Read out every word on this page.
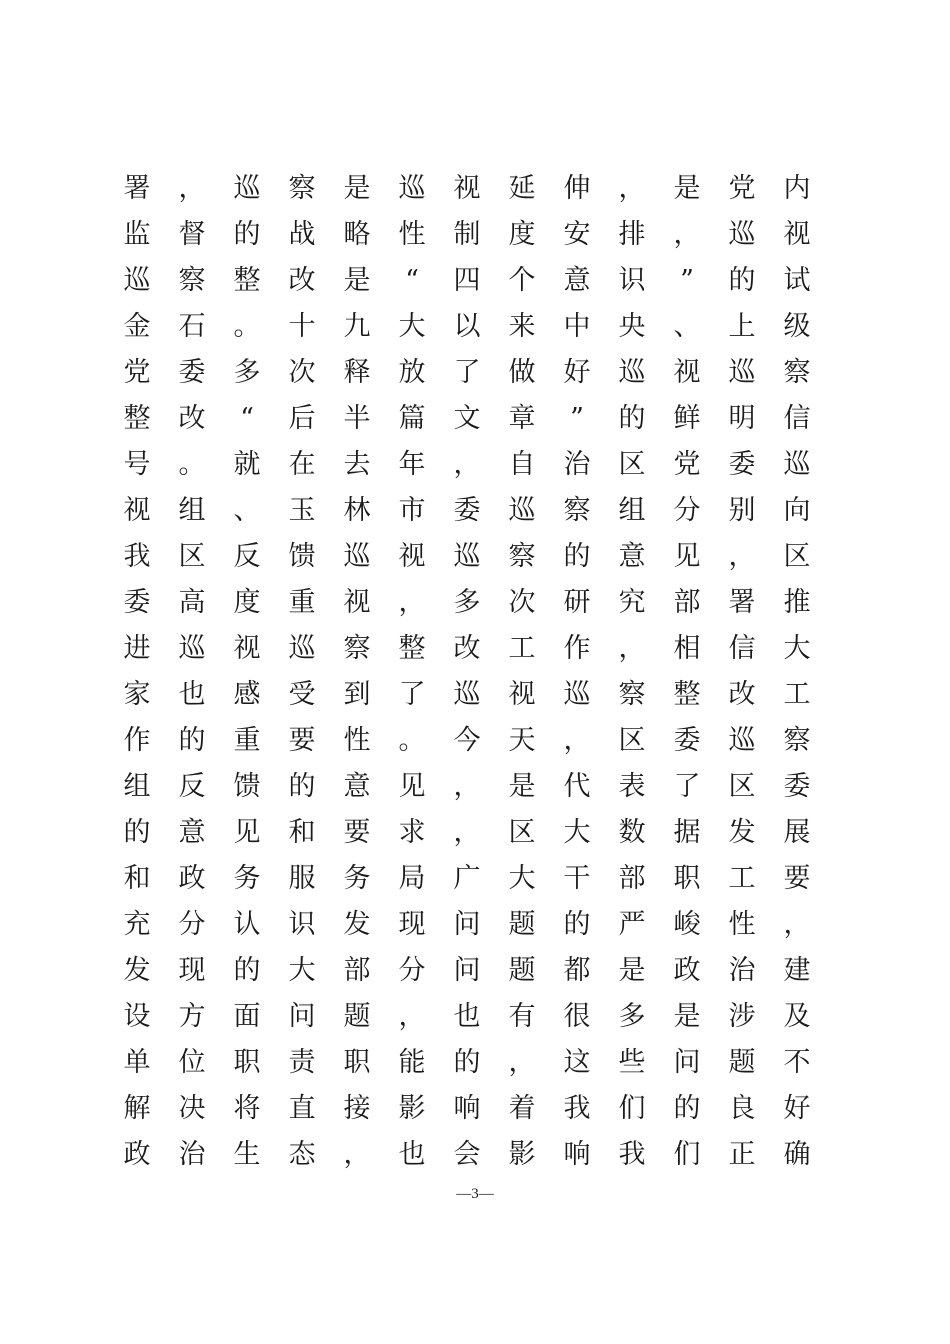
署 ， 巡 察 是 巡 视 延 伸 ， 是 党 内
监 督 的 战 略 性 制 度 安 排 ， 巡 视
巡 察 整 改 是 “ 四 个 意 识 ” 的 试
金 石 。 十 九 大 以 来 中 央 、 上 级
党 委 多 次 释 放 了 做 好 巡 视 巡 察
整 改 “ 后 半 篇 文 章 ” 的 鲜 明 信
号 。 就 在 去 年 ， 自 治 区 党 委 巡
视 组 、 玉 林 市 委 巡 察 组 分 别 向
我 区 反 馈 巡 视 巡 察 的 意 见 ， 区
委 高 度 重 视 ， 多 次 研 究 部 署 推
进 巡 视 巡 察 整 改 工 作 ， 相 信 大
家 也 感 受 到 了 巡 视 巡 察 整 改 工
作 的 重 要 性 。 今 天 ， 区 委 巡 察
组 反 馈 的 意 见 ， 是 代 表 了 区 委
的 意 见 和 要 求 ， 区 大 数 据 发 展
和 政 务 服 务 局 广 大 干 部 职 工 要
充 分 认 识 发 现 问 题 的 严 峻 性 ，
发 现 的 大 部 分 问 题 都 是 政 治 建
设 方 面 问 题 ， 也 有 很 多 是 涉 及
单 位 职 责 职 能 的 ， 这 些 问 题 不
解 决 将 直 接 影 响 着 我 们 的 良 好
政 治 生 态 ， 也 会 影 响 我 们 正 确
—3—
